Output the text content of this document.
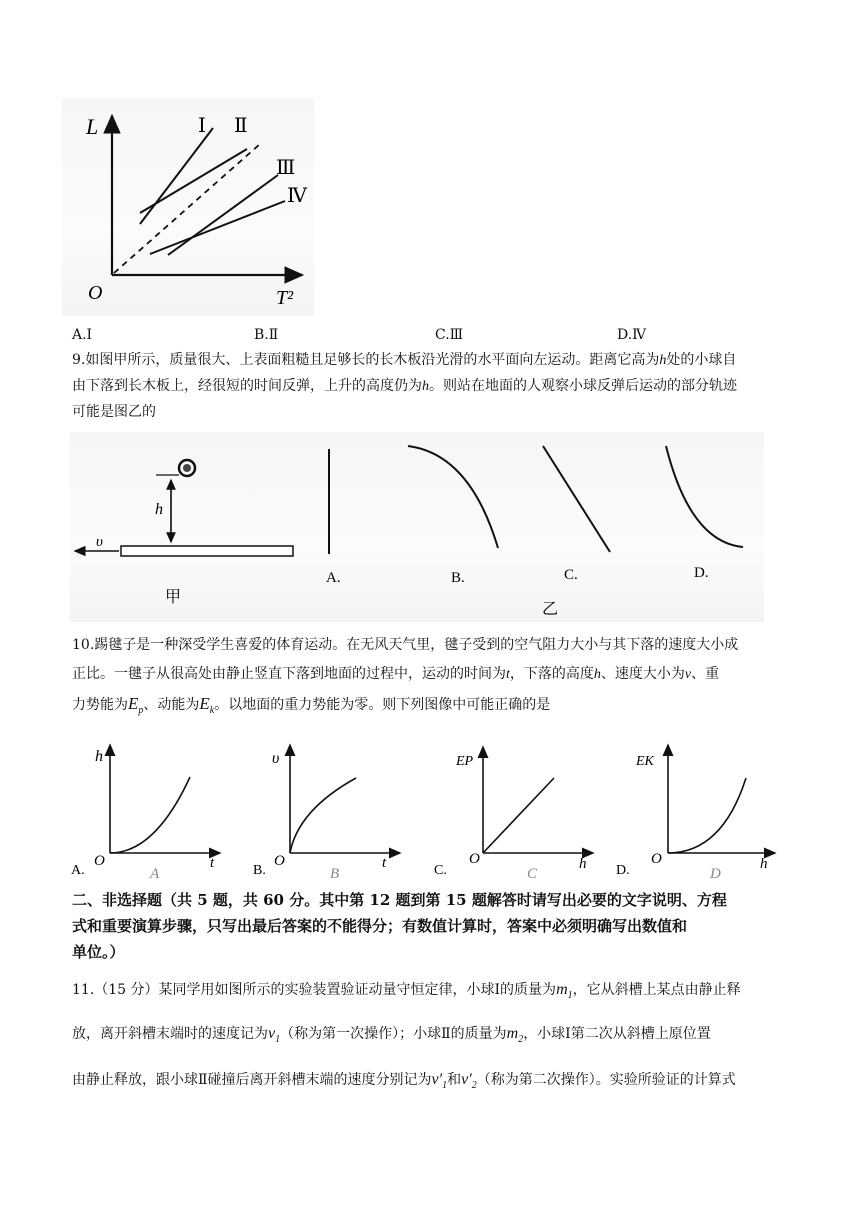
L
O	T²
Ⅰ Ⅱ
Ⅲ
Ⅳ
A.Ⅰ	B.Ⅱ	C.Ⅲ	D.Ⅳ
9.如图甲所示，质量很大、上表面粗糙且足够长的长木板沿光滑的水平面向左运动。距离它高为h处的小球自
由下落到长木板上，经很短的时间反弹，上升的高度仍为h。则站在地面的人观察小球反弹后运动的部分轨迹
可能是图乙的
h
υ
甲
A.	B.	C.	D.
乙
10.踢毽子是一种深受学生喜爱的体育运动。在无风天气里，毽子受到的空气阻力大小与其下落的速度大小成
正比。一毽子从很高处由静止竖直下落到地面的过程中，运动的时间为t，下落的高度h、速度大小为v、重
力势能为$E_p$、动能为$E_k$。以地面的重力势能为零。则下列图像中可能正确的是
h
O	t
A.	A
υ
O	t
B.	B
EP
O	h
C.	C
EK
O	h
D.	D
二、非选择题（共 5 题，共 60 分。其中第 12 题到第 15 题解答时请写出必要的文字说明、方程
式和重要演算步骤，只写出最后答案的不能得分；有数值计算时，答案中必须明确写出数值和
单位。）
11.（15 分）某同学用如图所示的实验装置验证动量守恒定律，小球Ⅰ的质量为$m_1$，它从斜槽上某点由静止释
放，离开斜槽末端时的速度记为$v_1$（称为第一次操作）；小球Ⅱ的质量为$m_2$，小球Ⅰ第二次从斜槽上原位置
由静止释放，跟小球Ⅱ碰撞后离开斜槽末端的速度分别记为$v'_1$和$v'_2$（称为第二次操作）。实验所验证的计算式
